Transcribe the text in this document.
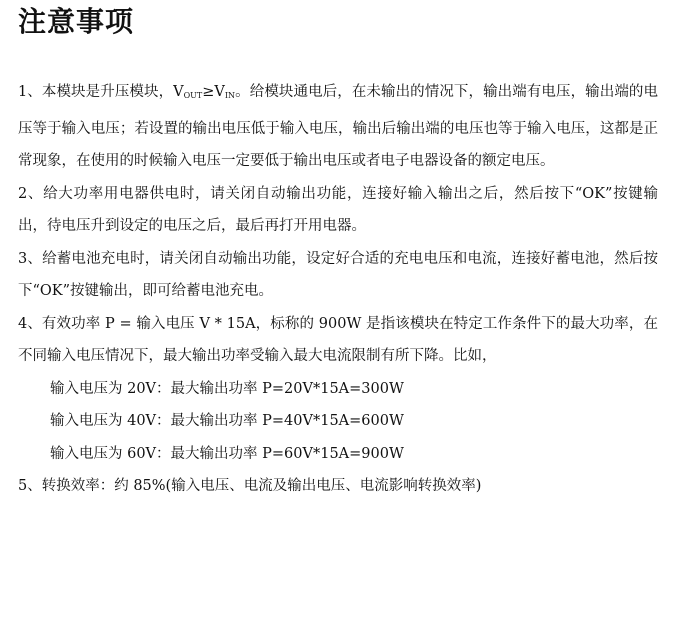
注意事项

1、本模块是升压模块，$V_{OUT}\ge V_{IN}$。给模块通电后，在未输出的情况下，输出端有电压，输出端的电压等于输入电压；若设置的输出电压低于输入电压，输出后输出端的电压也等于输入电压，这都是正常现象，在使用的时候输入电压一定要低于输出电压或者电子电器设备的额定电压。

2、给大功率用电器供电时，请关闭自动输出功能，连接好输入输出之后，然后按下“OK”按键输出，待电压升到设定的电压之后，最后再打开用电器。

3、给蓄电池充电时，请关闭自动输出功能，设定好合适的充电电压和电流，连接好蓄电池，然后按下“OK”按键输出，即可给蓄电池充电。

4、有效功率 P = 输入电压 V * 15A，标称的 900W 是指该模块在特定工作条件下的最大功率，在不同输入电压情况下，最大输出功率受输入最大电流限制有所下降。比如，

输入电压为 20V：最大输出功率 P=20V*15A=300W

输入电压为 40V：最大输出功率 P=40V*15A=600W

输入电压为 60V：最大输出功率 P=60V*15A=900W

5、转换效率：约 85%(输入电压、电流及输出电压、电流影响转换效率)
